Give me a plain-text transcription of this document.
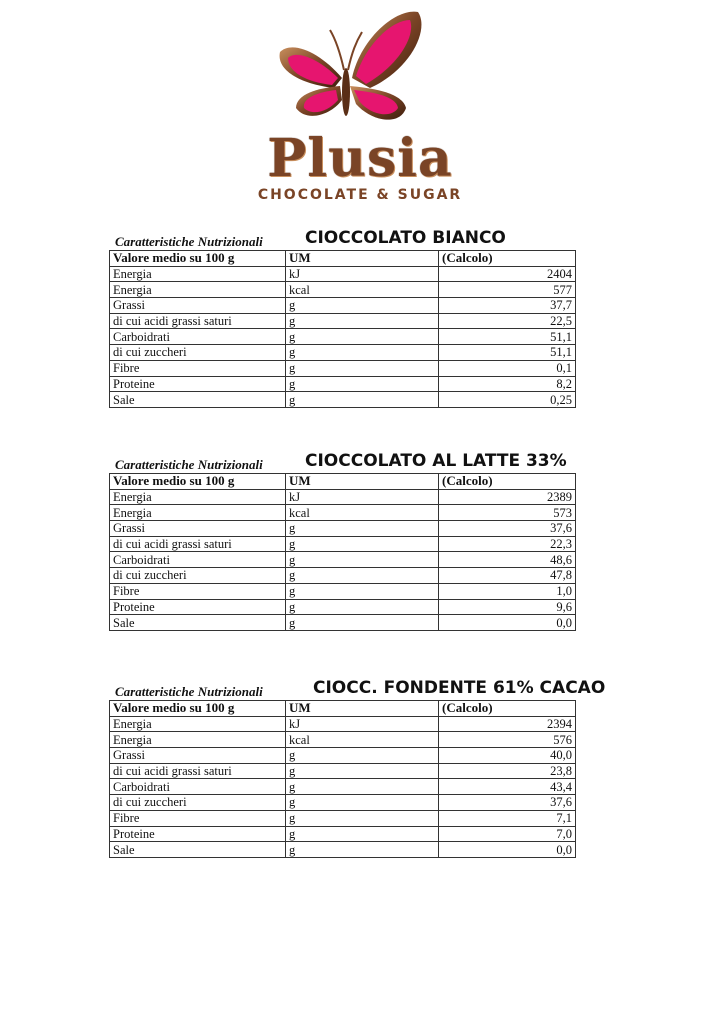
Plusia
CHOCOLATE & SUGAR
Caratteristiche Nutrizionali CIOCCOLATO BIANCO
Valore medio su 100 g	UM	(Calcolo)
Energia	kJ	2404
Energia	kcal	577
Grassi	g	37,7
di cui acidi grassi saturi	g	22,5
Carboidrati	g	51,1
di cui zuccheri	g	51,1
Fibre	g	0,1
Proteine	g	8,2
Sale	g	0,25
Caratteristiche Nutrizionali CIOCCOLATO AL LATTE 33%
Valore medio su 100 g	UM	(Calcolo)
Energia	kJ	2389
Energia	kcal	573
Grassi	g	37,6
di cui acidi grassi saturi	g	22,3
Carboidrati	g	48,6
di cui zuccheri	g	47,8
Fibre	g	1,0
Proteine	g	9,6
Sale	g	0,0
Caratteristiche Nutrizionali	CIOCC. FONDENTE 61% CACAO
Valore medio su 100 g	UM	(Calcolo)
Energia	kJ	2394
Energia	kcal	576
Grassi	g	40,0
di cui acidi grassi saturi	g	23,8
Carboidrati	g	43,4
di cui zuccheri	g	37,6
Fibre	g	7,1
Proteine	g	7,0
Sale	g	0,0
